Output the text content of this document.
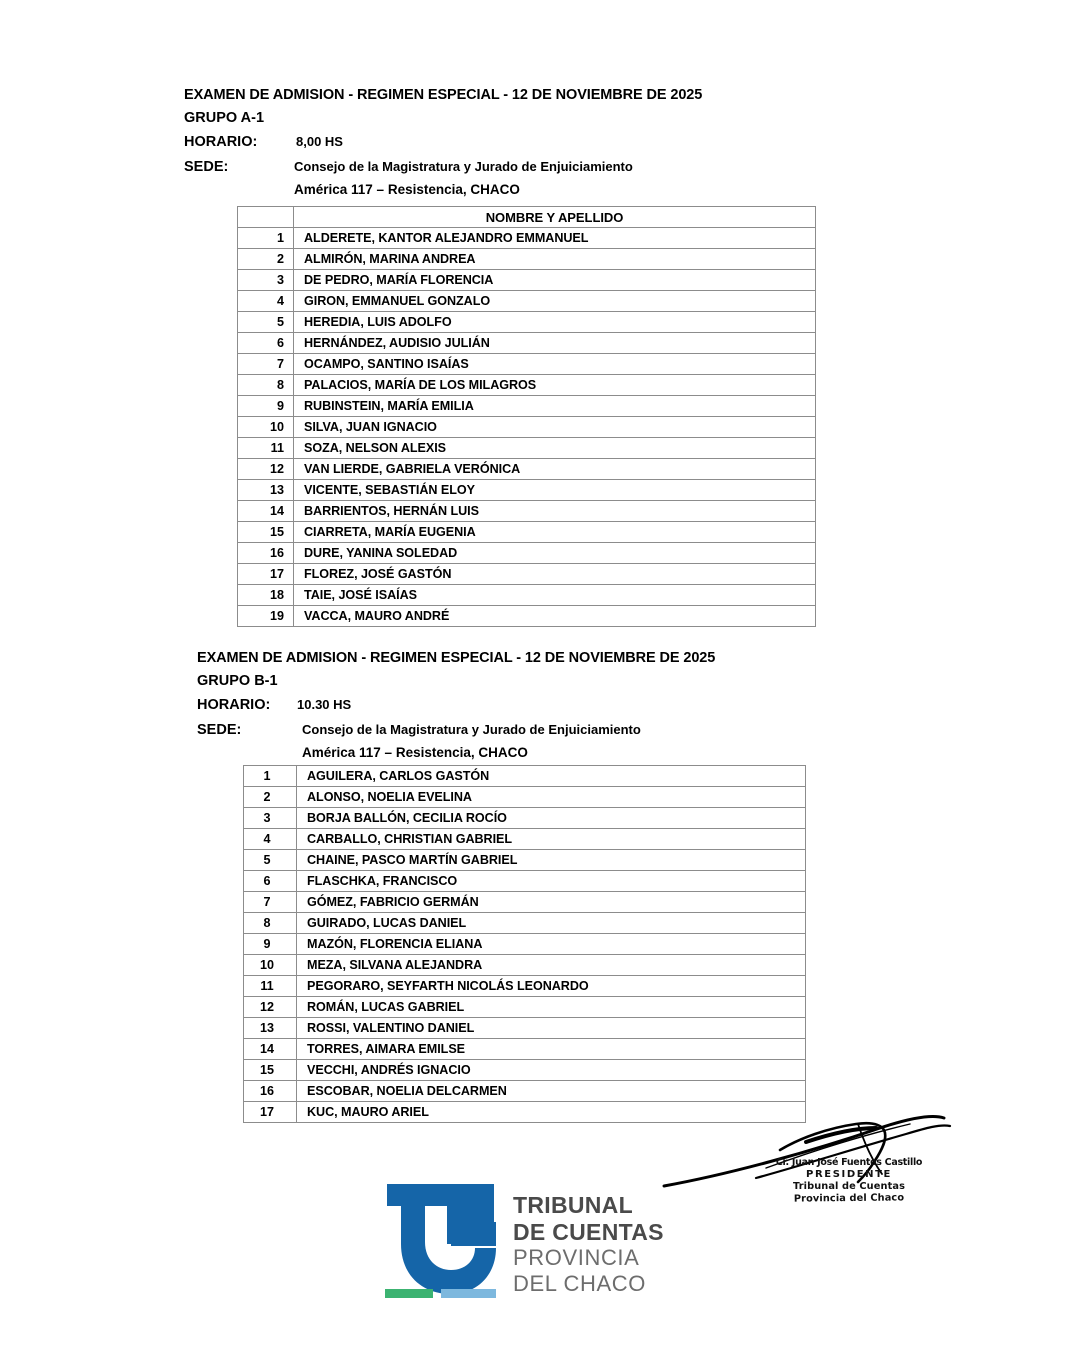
EXAMEN DE ADMISION - REGIMEN ESPECIAL - 12 DE NOVIEMBRE DE 2025
GRUPO A-1
HORARIO:	8,00 HS
SEDE:	Consejo de la Magistratura y Jurado de Enjuiciamiento
América 117 – Resistencia, CHACO
	NOMBRE Y APELLIDO
1	ALDERETE, KANTOR ALEJANDRO EMMANUEL
2	ALMIRÓN, MARINA ANDREA
3	DE PEDRO, MARÍA FLORENCIA
4	GIRON, EMMANUEL GONZALO
5	HEREDIA, LUIS ADOLFO
6	HERNÁNDEZ, AUDISIO JULIÁN
7	OCAMPO, SANTINO ISAÍAS
8	PALACIOS, MARÍA DE LOS MILAGROS
9	RUBINSTEIN, MARÍA EMILIA
10	SILVA, JUAN IGNACIO
11	SOZA, NELSON ALEXIS
12	VAN LIERDE, GABRIELA VERÓNICA
13	VICENTE, SEBASTIÁN ELOY
14	BARRIENTOS, HERNÁN LUIS
15	CIARRETA, MARÍA EUGENIA
16	DURE, YANINA SOLEDAD
17	FLOREZ, JOSÉ GASTÓN
18	TAIE, JOSÉ ISAÍAS
19	VACCA, MAURO ANDRÉ
EXAMEN DE ADMISION - REGIMEN ESPECIAL - 12 DE NOVIEMBRE DE 2025
GRUPO B-1
HORARIO:	10.30 HS
SEDE:	Consejo de la Magistratura y Jurado de Enjuiciamiento
América 117 – Resistencia, CHACO
1	AGUILERA, CARLOS GASTÓN
2	ALONSO, NOELIA EVELINA
3	BORJA BALLÓN, CECILIA ROCÍO
4	CARBALLO, CHRISTIAN GABRIEL
5	CHAINE, PASCO MARTÍN GABRIEL
6	FLASCHKA, FRANCISCO
7	GÓMEZ, FABRICIO GERMÁN
8	GUIRADO, LUCAS DANIEL
9	MAZÓN, FLORENCIA ELIANA
10	MEZA, SILVANA ALEJANDRA
11	PEGORARO, SEYFARTH NICOLÁS LEONARDO
12	ROMÁN, LUCAS GABRIEL
13	ROSSI, VALENTINO DANIEL
14	TORRES, AIMARA EMILSE
15	VECCHI, ANDRÉS IGNACIO
16	ESCOBAR, NOELIA DELCARMEN
17	KUC, MAURO ARIEL
TRIBUNAL
DE CUENTAS
PROVINCIA
DEL CHACO
Cr. Juan José Fuentes Castillo
PRESIDENTE
Tribunal de Cuentas
Provincia del Chaco
